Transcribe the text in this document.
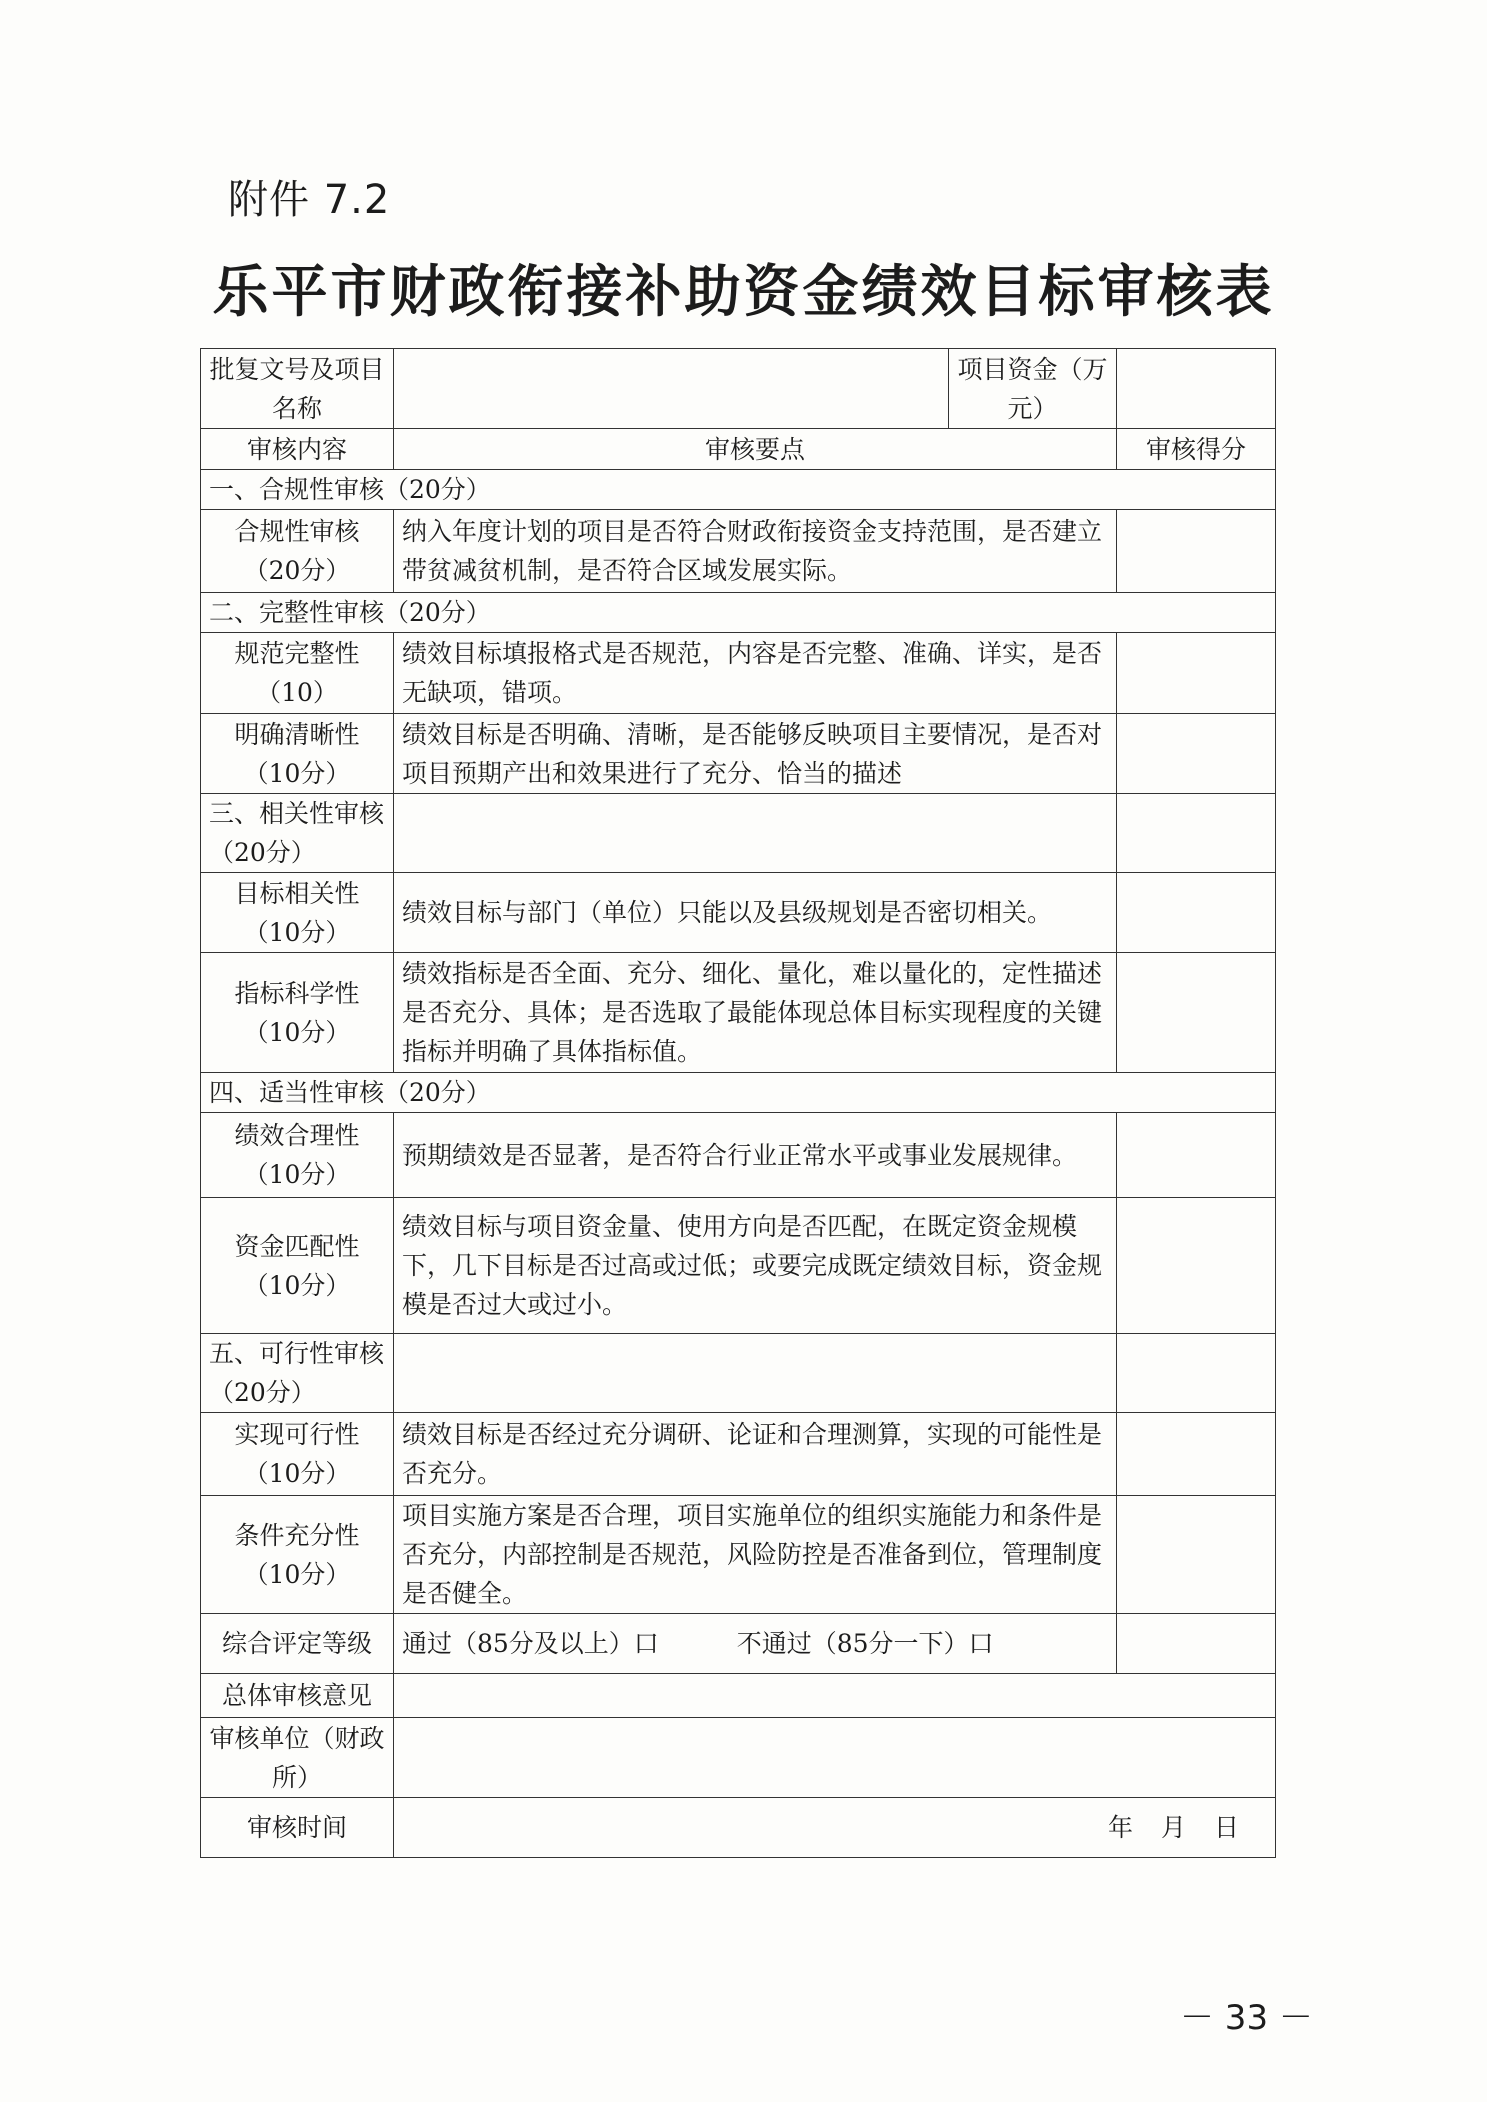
附件 7.2
乐平市财政衔接补助资金绩效目标审核表
批复文号及项目名称		项目资金（万元）	
审核内容	审核要点		审核得分
一、合规性审核（20分）			
合规性审核（20分）	纳入年度计划的项目是否符合财政衔接资金支持范围，是否建立带贫减贫机制，是否符合区域发展实际。		
二、完整性审核（20分）			
规范完整性（10）	绩效目标填报格式是否规范，内容是否完整、准确、详实，是否无缺项，错项。		
明确清晰性（10分）	绩效目标是否明确、清晰，是否能够反映项目主要情况，是否对项目预期产出和效果进行了充分、恰当的描述		
三、相关性审核（20分）			
目标相关性（10分）	绩效目标与部门（单位）只能以及县级规划是否密切相关。		
指标科学性（10分）	绩效指标是否全面、充分、细化、量化，难以量化的，定性描述是否充分、具体；是否选取了最能体现总体目标实现程度的关键指标并明确了具体指标值。		
四、适当性审核（20分）			
绩效合理性（10分）	预期绩效是否显著，是否符合行业正常水平或事业发展规律。		
资金匹配性（10分）	绩效目标与项目资金量、使用方向是否匹配，在既定资金规模下，几下目标是否过高或过低；或要完成既定绩效目标，资金规模是否过大或过小。		
五、可行性审核（20分）			
实现可行性（10分）	绩效目标是否经过充分调研、论证和合理测算，实现的可能性是否充分。		
条件充分性（10分）	项目实施方案是否合理，项目实施单位的组织实施能力和条件是否充分，内部控制是否规范，风险防控是否准备到位，管理制度是否健全。		
综合评定等级	通过（85分及以上）口 不通过（85分一下）口		
总体审核意见			
审核单位（财政所）			
审核时间	年月日		
－ 33 －
